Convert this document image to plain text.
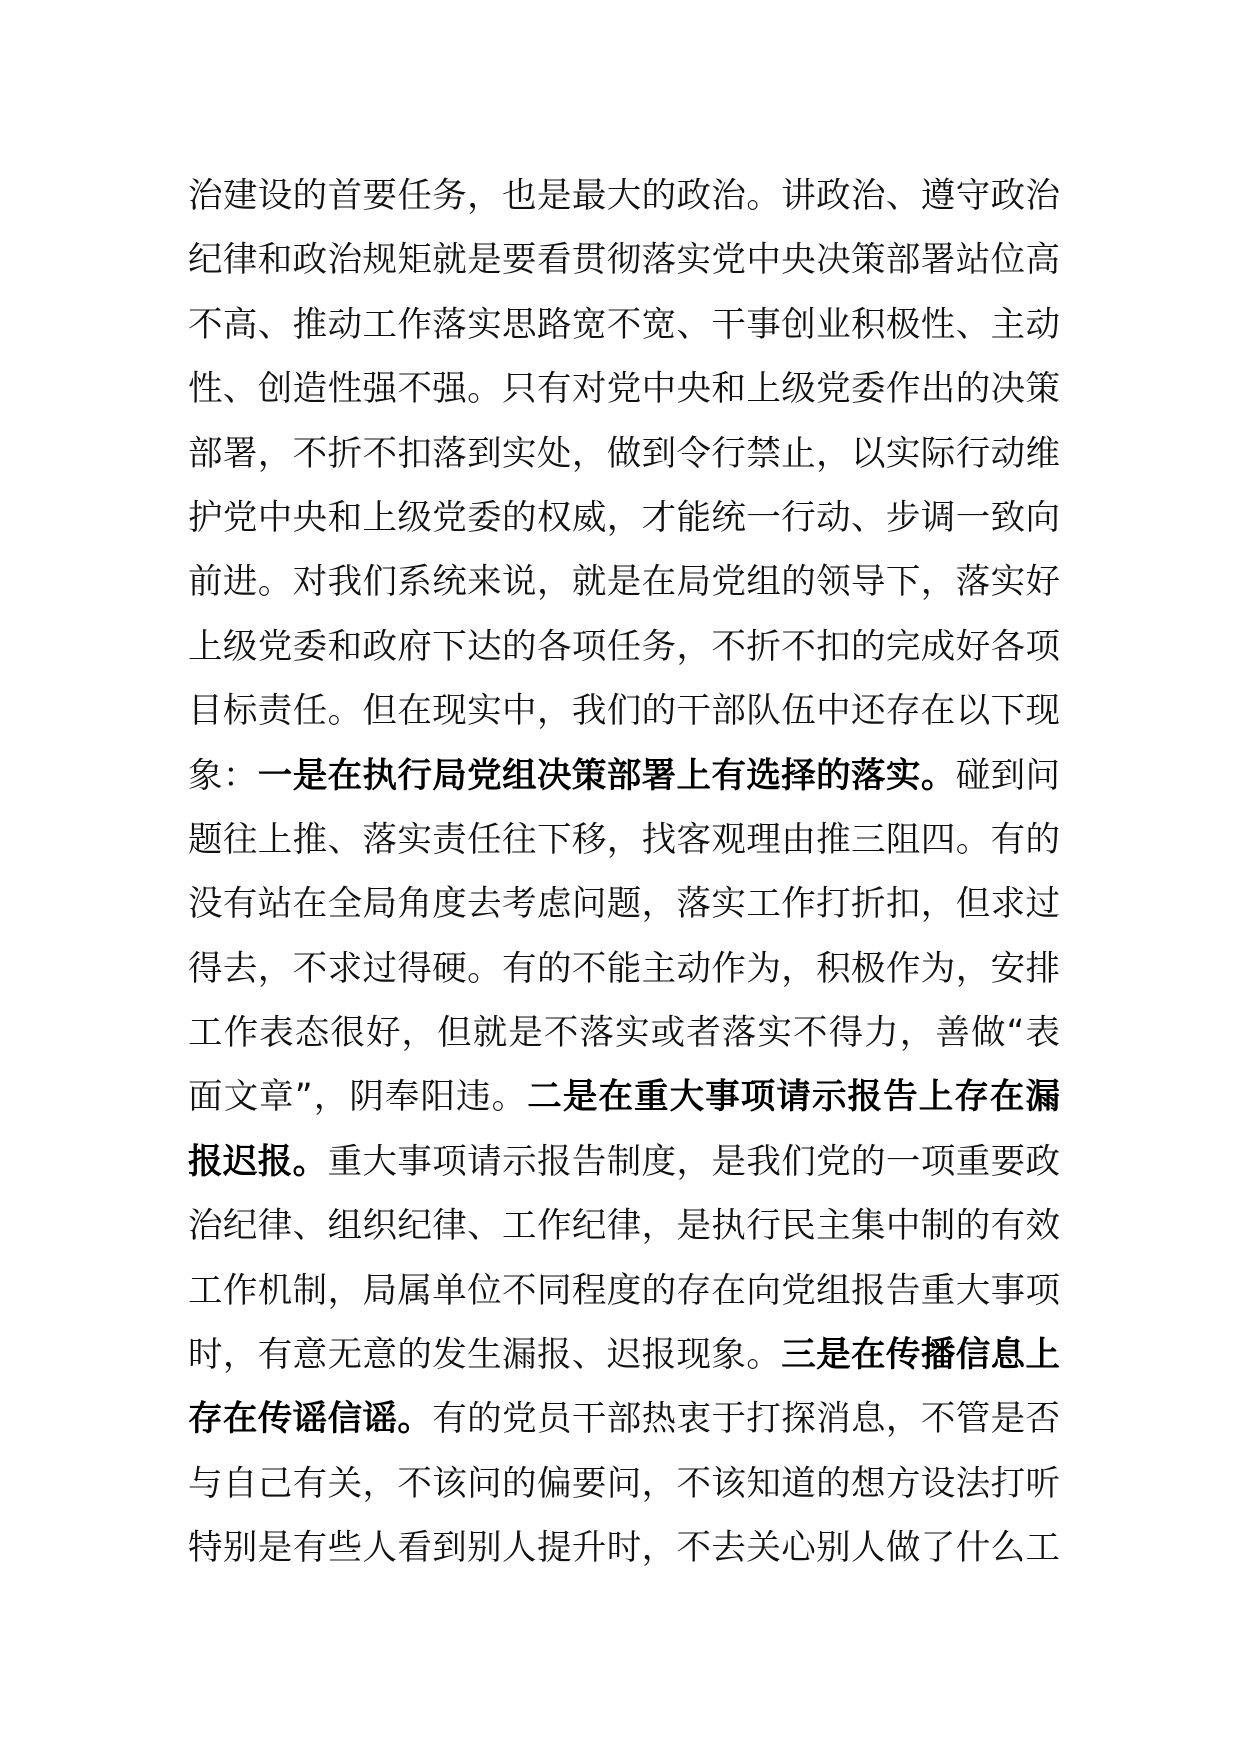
治建设的首要任务，也是最大的政治。讲政治、遵守政治
纪律和政治规矩就是要看贯彻落实党中央决策部署站位高
不高、推动工作落实思路宽不宽、干事创业积极性、主动
性、创造性强不强。只有对党中央和上级党委作出的决策
部署，不折不扣落到实处，做到令行禁止，以实际行动维
护党中央和上级党委的权威，才能统一行动、步调一致向
前进。对我们系统来说，就是在局党组的领导下，落实好
上级党委和政府下达的各项任务，不折不扣的完成好各项
目标责任。但在现实中，我们的干部队伍中还存在以下现
象：一是在执行局党组决策部署上有选择的落实。碰到问
题往上推、落实责任往下移，找客观理由推三阻四。有的
没有站在全局角度去考虑问题，落实工作打折扣，但求过
得去，不求过得硬。有的不能主动作为，积极作为，安排
工作表态很好，但就是不落实或者落实不得力，善做“表
面文章”，阴奉阳违。二是在重大事项请示报告上存在漏
报迟报。重大事项请示报告制度，是我们党的一项重要政
治纪律、组织纪律、工作纪律，是执行民主集中制的有效
工作机制，局属单位不同程度的存在向党组报告重大事项
时，有意无意的发生漏报、迟报现象。三是在传播信息上
存在传谣信谣。有的党员干部热衷于打探消息，不管是否
与自己有关，不该问的偏要问，不该知道的想方设法打听
特别是有些人看到别人提升时，不去关心别人做了什么工
